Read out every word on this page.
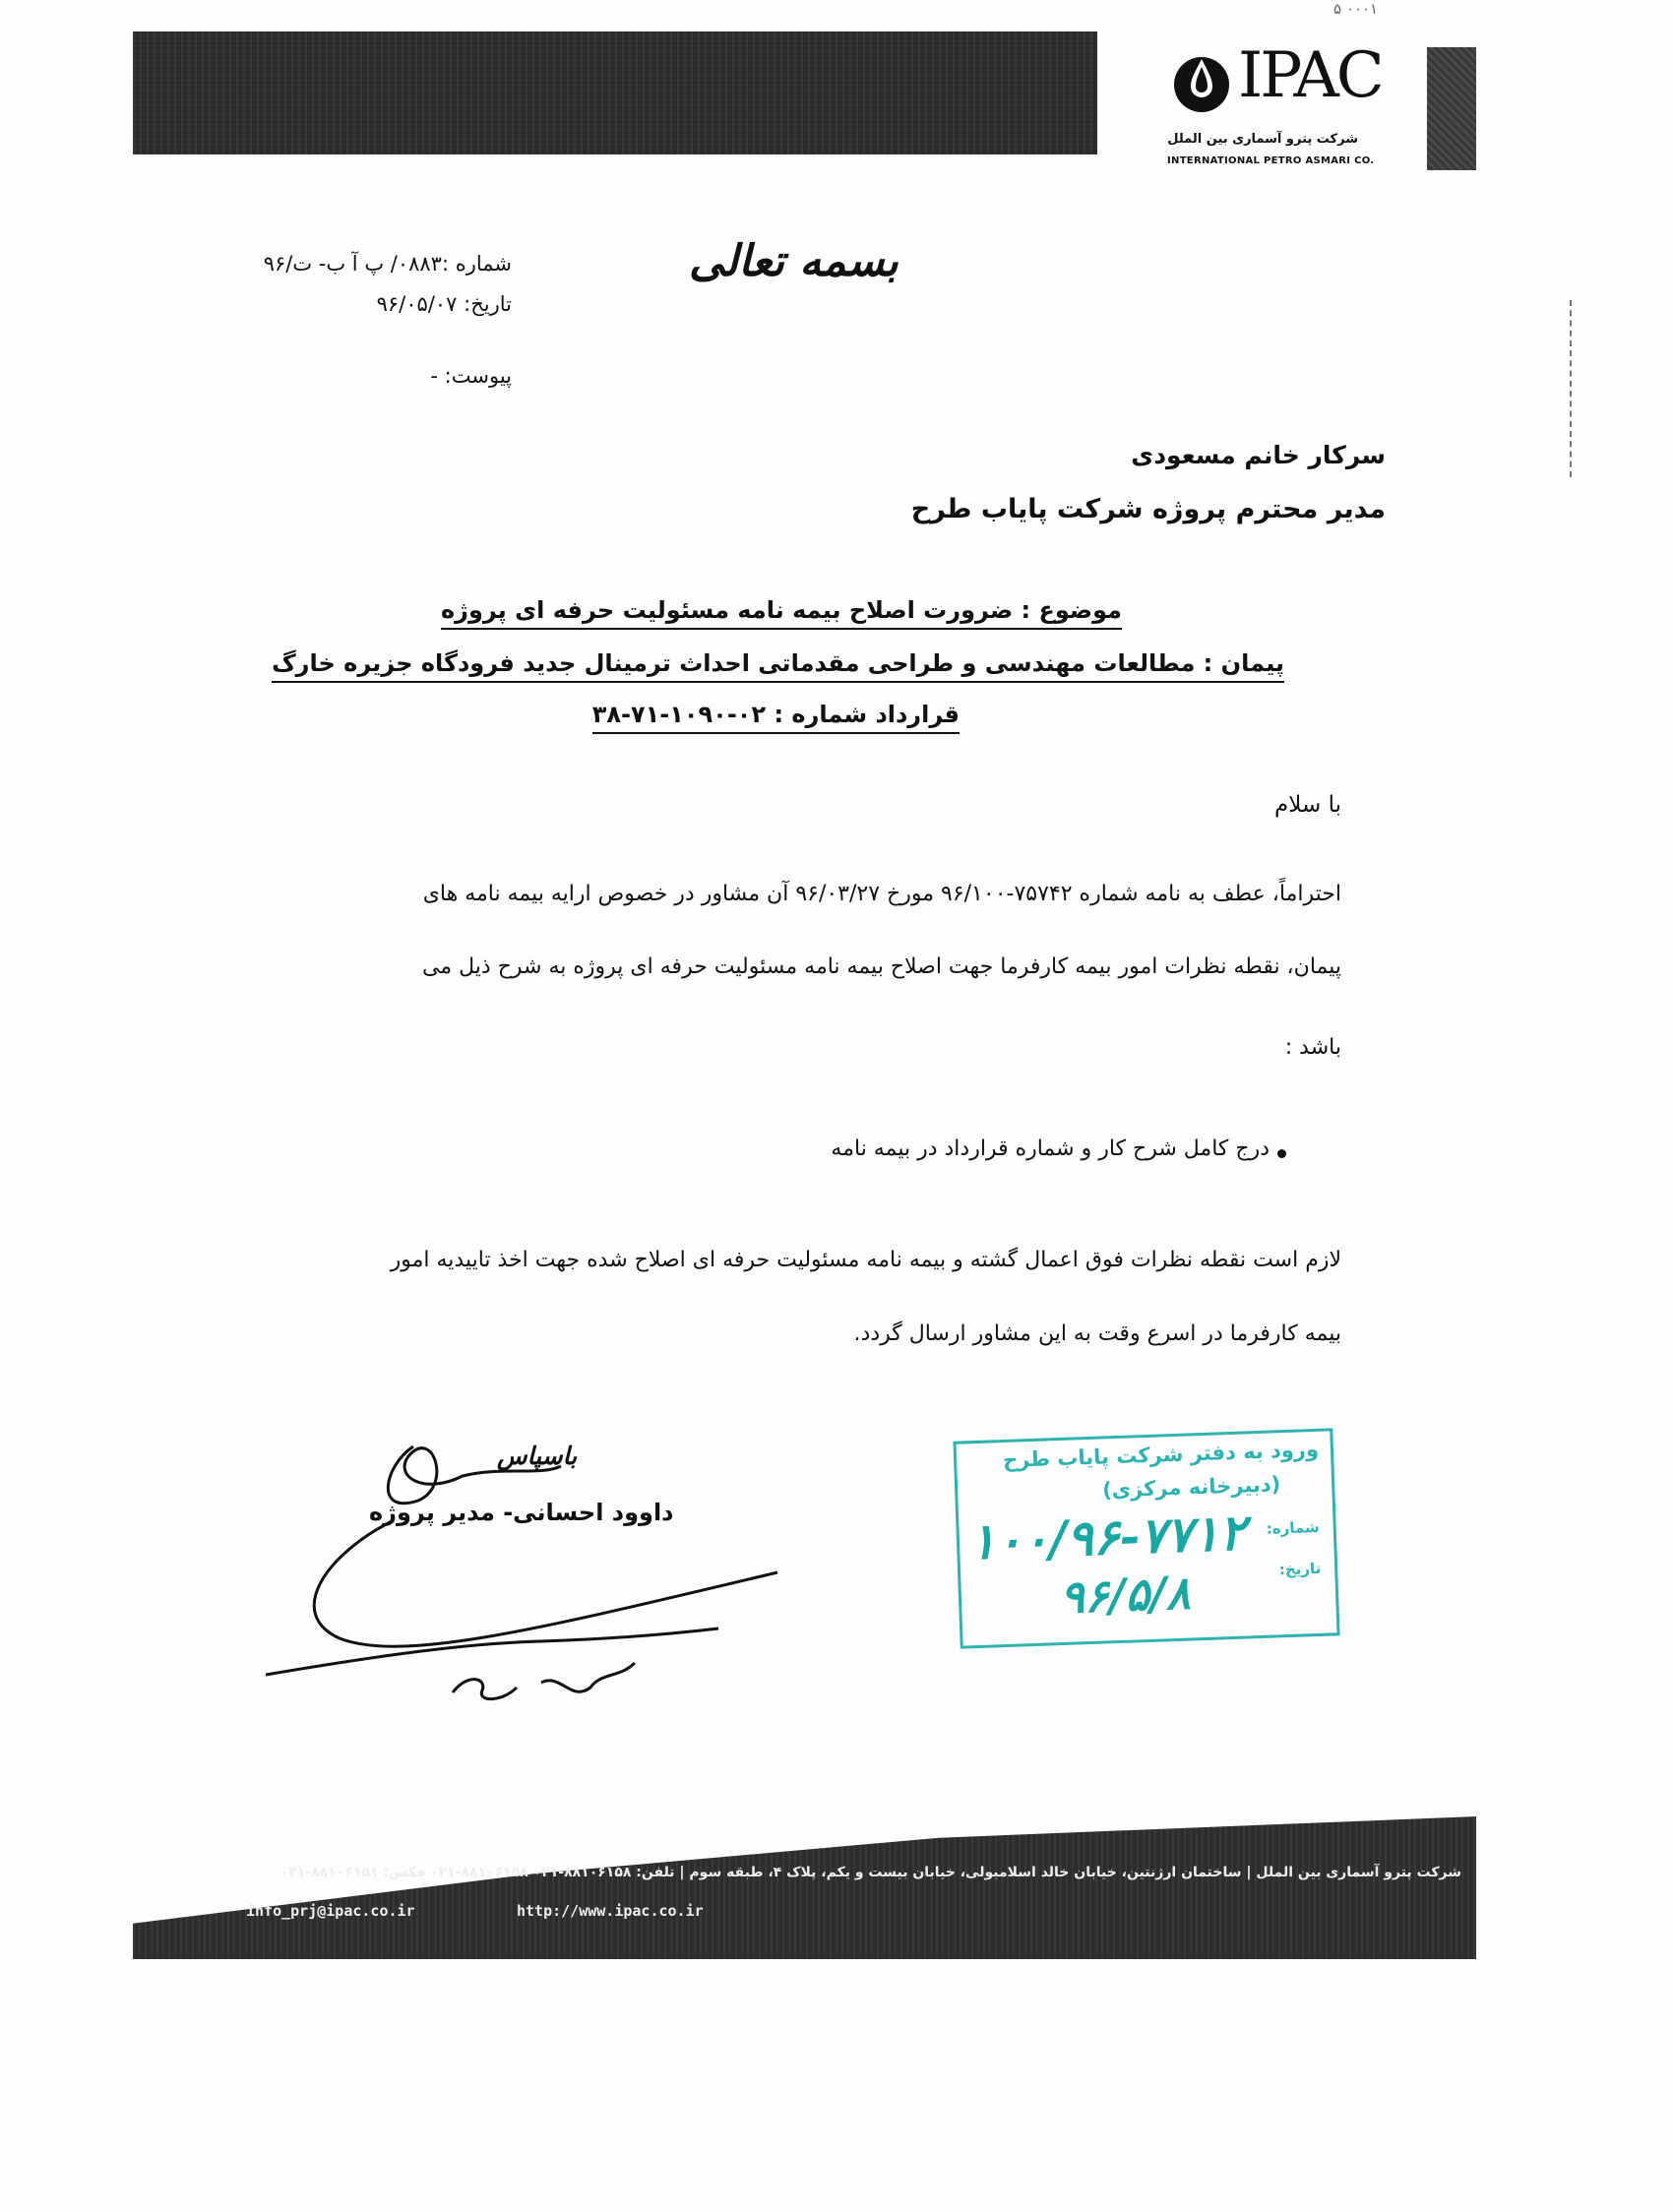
۵ ۰۰۰۱
IPAC
شرکت پترو آسماری بین الملل
INTERNATIONAL PETRO ASMARI CO.
بسمه تعالی
شماره :۰۸۸۳/ پ آ ب- ت/۹۶
تاریخ: ۹۶/۰۵/۰۷
پیوست: -
سرکار خانم مسعودی
مدیر محترم پروژه شرکت پایاب طرح
موضوع : ضرورت اصلاح بیمه نامه مسئولیت حرفه ای پروژه
پیمان : مطالعات مهندسی و طراحی مقدماتی احداث ترمینال جدید فرودگاه جزیره خارگ
قرارداد شماره : ۰۲-۱۰۹۰-۷۱-۳۸
با سلام
احتراماً، عطف به نامه شماره ۷۵۷۴۲-۹۶/۱۰۰ مورخ ۹۶/۰۳/۲۷ آن مشاور در خصوص ارایه بیمه نامه های
پیمان، نقطه نظرات امور بیمه کارفرما جهت اصلاح بیمه نامه مسئولیت حرفه ای پروژه به شرح ذیل می
باشد :
درج کامل شرح کار و شماره قرارداد در بیمه نامه
لازم است نقطه نظرات فوق اعمال گشته و بیمه نامه مسئولیت حرفه ای اصلاح شده جهت اخذ تاییدیه امور
بیمه کارفرما در اسرع وقت به این مشاور ارسال گردد.
باسپاس
داوود احسانی- مدیر پروژه
ورود به دفتر شرکت پایاب طرح
(دبیرخانه مرکزی)
شماره:
تاریخ:
۱۰۰/۹۶-۷۷۱۲
۹۶/۵/۸
شرکت پترو آسماری بین الملل | ساختمان ارژنتین، خیابان خالد اسلامبولی، خیابان بیست و یکم، پلاک ۴، طبقه سوم | تلفن: ۸۸۱۰۶۱۵۸-۰۲۱ ۸۸۱۰۶۱۵۸-۰۲۱ فکس: ۸۸۱۰۶۱۵۱-۰۲۱
info_prj@ipac.co.ir	http://www.ipac.co.ir
